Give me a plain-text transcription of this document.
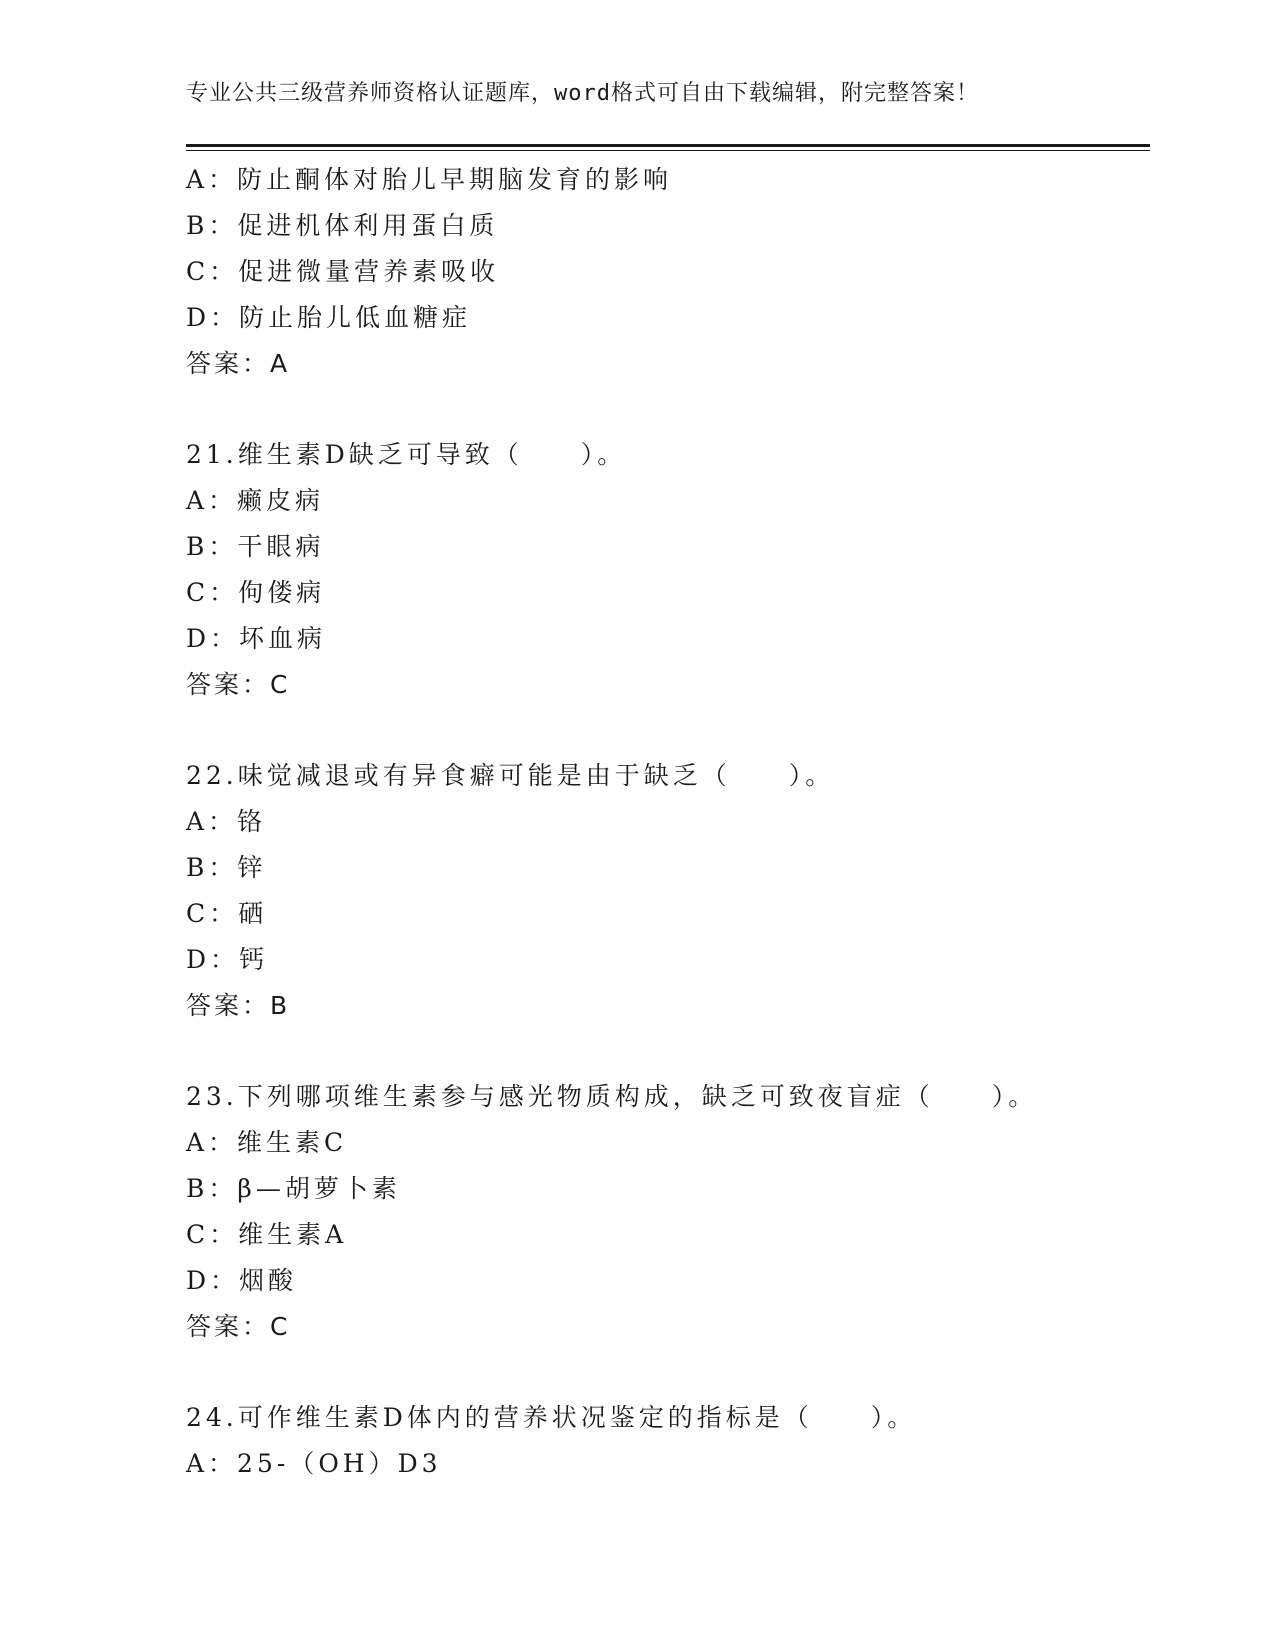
专业公共三级营养师资格认证题库，word格式可自由下载编辑，附完整答案！
A：防止酮体对胎儿早期脑发育的影响
B：促进机体利用蛋白质
C：促进微量营养素吸收
D：防止胎儿低血糖症
答案：A
21.维生素D缺乏可导致（　　）。
A：癞皮病
B：干眼病
C：佝偻病
D：坏血病
答案：C
22.味觉减退或有异食癖可能是由于缺乏（　　）。
A：铬
B：锌
C：硒
D：钙
答案：B
23.下列哪项维生素参与感光物质构成，缺乏可致夜盲症（　　）。
A：维生素C
B：β—胡萝卜素
C：维生素A
D：烟酸
答案：C
24.可作维生素D体内的营养状况鉴定的指标是（　　）。
A：25-（OH）D3
